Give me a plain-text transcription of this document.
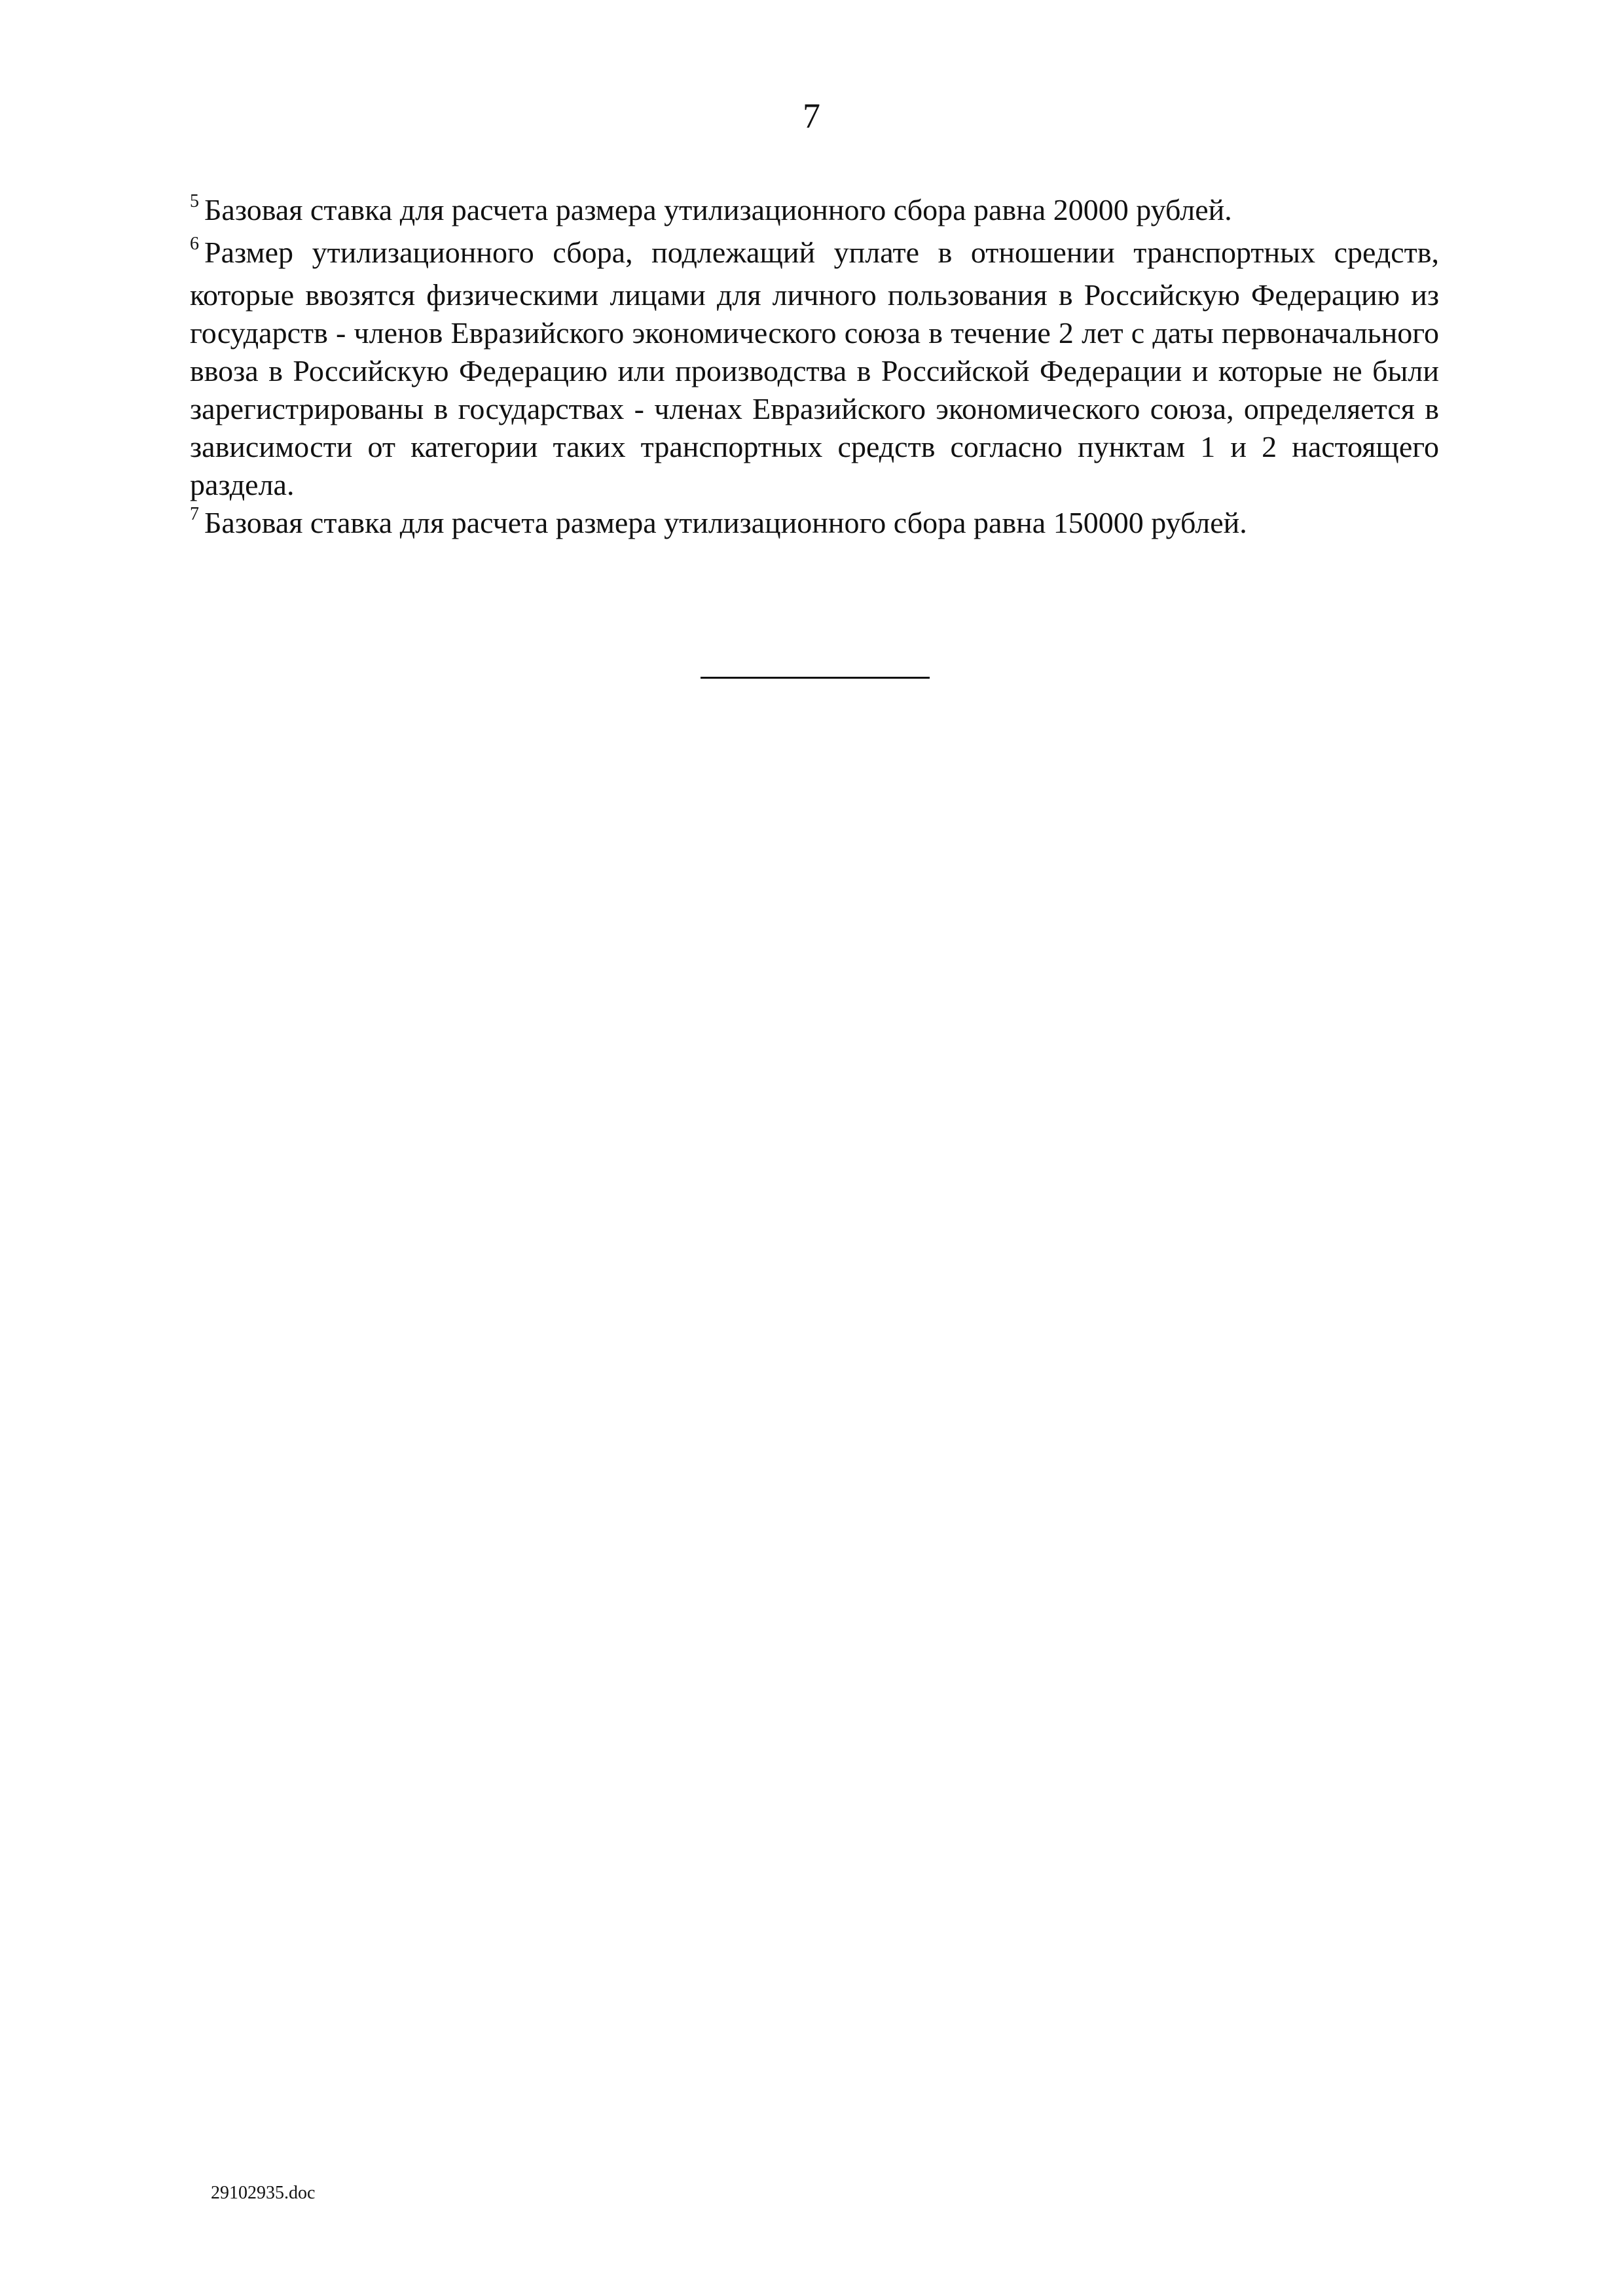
7

$^5$ Базовая ставка для расчета размера утилизационного сбора равна 20000 рублей.

$^6$ Размер утилизационного сбора, подлежащий уплате в отношении транспортных средств, которые ввозятся физическими лицами для личного пользования в Российскую Федерацию из государств - членов Евразийского экономического союза в течение 2 лет с даты первоначального ввоза в Российскую Федерацию или производства в Российской Федерации и которые не были зарегистрированы в государствах - членах Евразийского экономического союза, определяется в зависимости от категории таких транспортных средств согласно пунктам 1 и 2 настоящего раздела.

$^7$ Базовая ставка для расчета размера утилизационного сбора равна 150000 рублей.

29102935.doc
